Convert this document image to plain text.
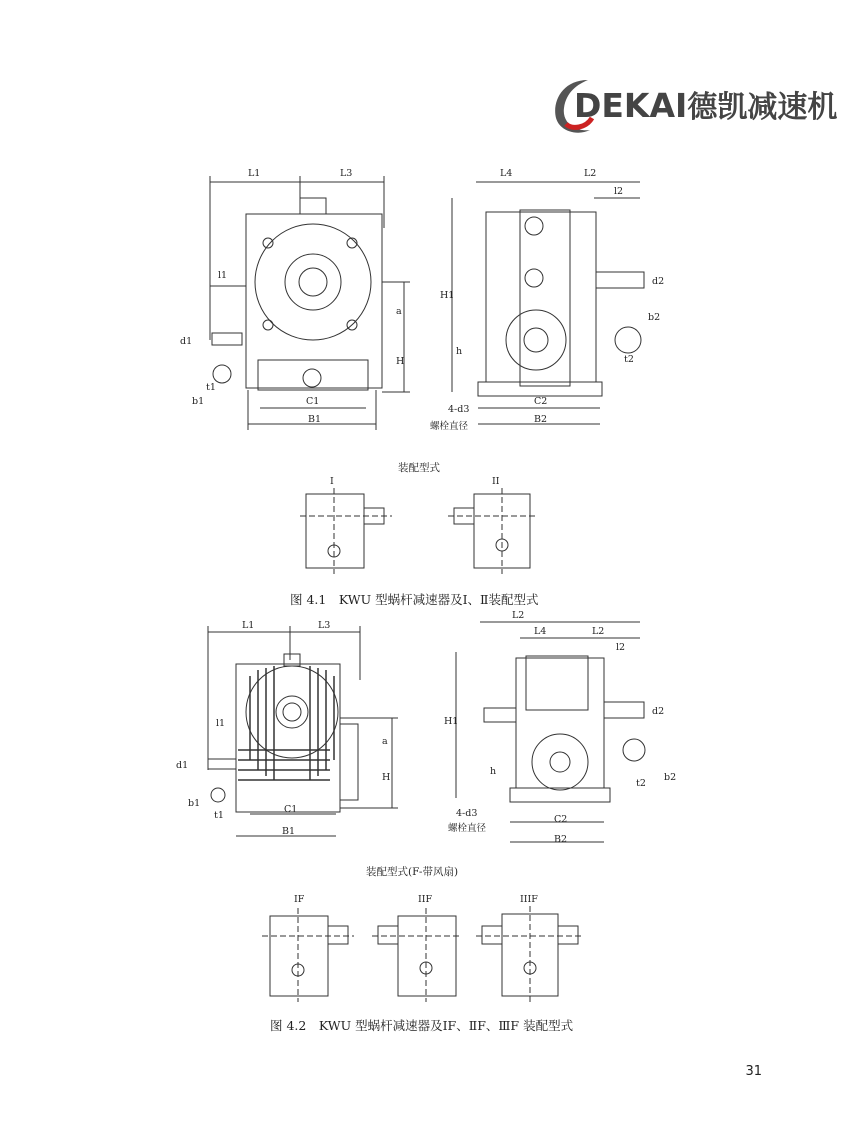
DEKAI德凯减速机
L1	L3
l1
a
H
d1
t1
b1	C1
B1
L4	L2
l2
H1
h
d2
b2
t2
4-d3
C2
B2
螺栓直径
装配型式
I	II
图 4.1　KWU 型蜗杆减速器及Ⅰ、Ⅱ装配型式
L1	L3
l1
a
H
d1
t1
b1
C1
B1
L2
L4	L2
l2
H1
h
d2
t2
b2
4-d3
C2
B2
螺栓直径
装配型式(F-带风扇)
IF	IIF	IIIF
图 4.2　KWU 型蜗杆减速器及ⅠF、ⅡF、ⅢF 装配型式
31
